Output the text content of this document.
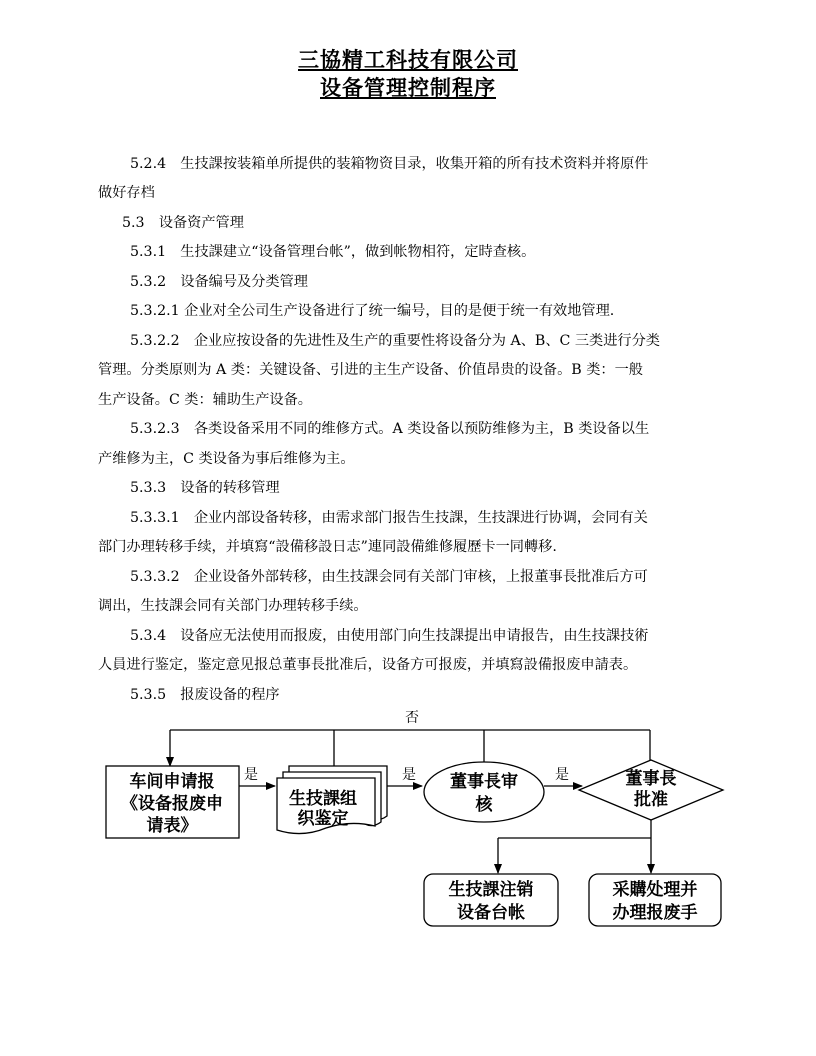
三協精工科技有限公司
设备管理控制程序
5.2.4　生技課按装箱单所提供的装箱物资目录，收集开箱的所有技术资料并将原件
做好存档
5.3　设备资产管理
5.3.1　生技課建立“设备管理台帐”，做到帐物相符，定時查核。
5.3.2　设备编号及分类管理
5.3.2.1 企业对全公司生产设备进行了统一编号，目的是便于统一有效地管理.
5.3.2.2　企业应按设备的先进性及生产的重要性将设备分为 A、B、C 三类进行分类
管理。分类原则为 A 类：关键设备、引进的主生产设备、价值昂贵的设备。B 类：一般
生产设备。C 类：辅助生产设备。
5.3.2.3　各类设备采用不同的维修方式。A 类设备以预防维修为主，B 类设备以生
产维修为主，C 类设备为事后维修为主。
5.3.3　设备的转移管理
5.3.3.1　企业内部设备转移，由需求部门报告生技課，生技課进行协调，会同有关
部门办理转移手续，并填寫“設備移設日志”連同設備維修履歷卡一同轉移.
5.3.3.2　企业设备外部转移，由生技課会同有关部门审核，上报董事長批准后方可
调出，生技課会同有关部门办理转移手续。
5.3.4　设备应无法使用而报废，由使用部门向生技課提出申请报告，由生技課技術
人員进行鉴定，鉴定意见报总董事長批准后，设备方可报废，并填寫設備报废申請表。
5.3.5　报废设备的程序
否
车间申请报
《设备报废申
请表》
是
生技課组
织鉴定
是 董事長审
核
是	董事長
批准
生技課注销
设备台帐
采購处理并
办理报废手
